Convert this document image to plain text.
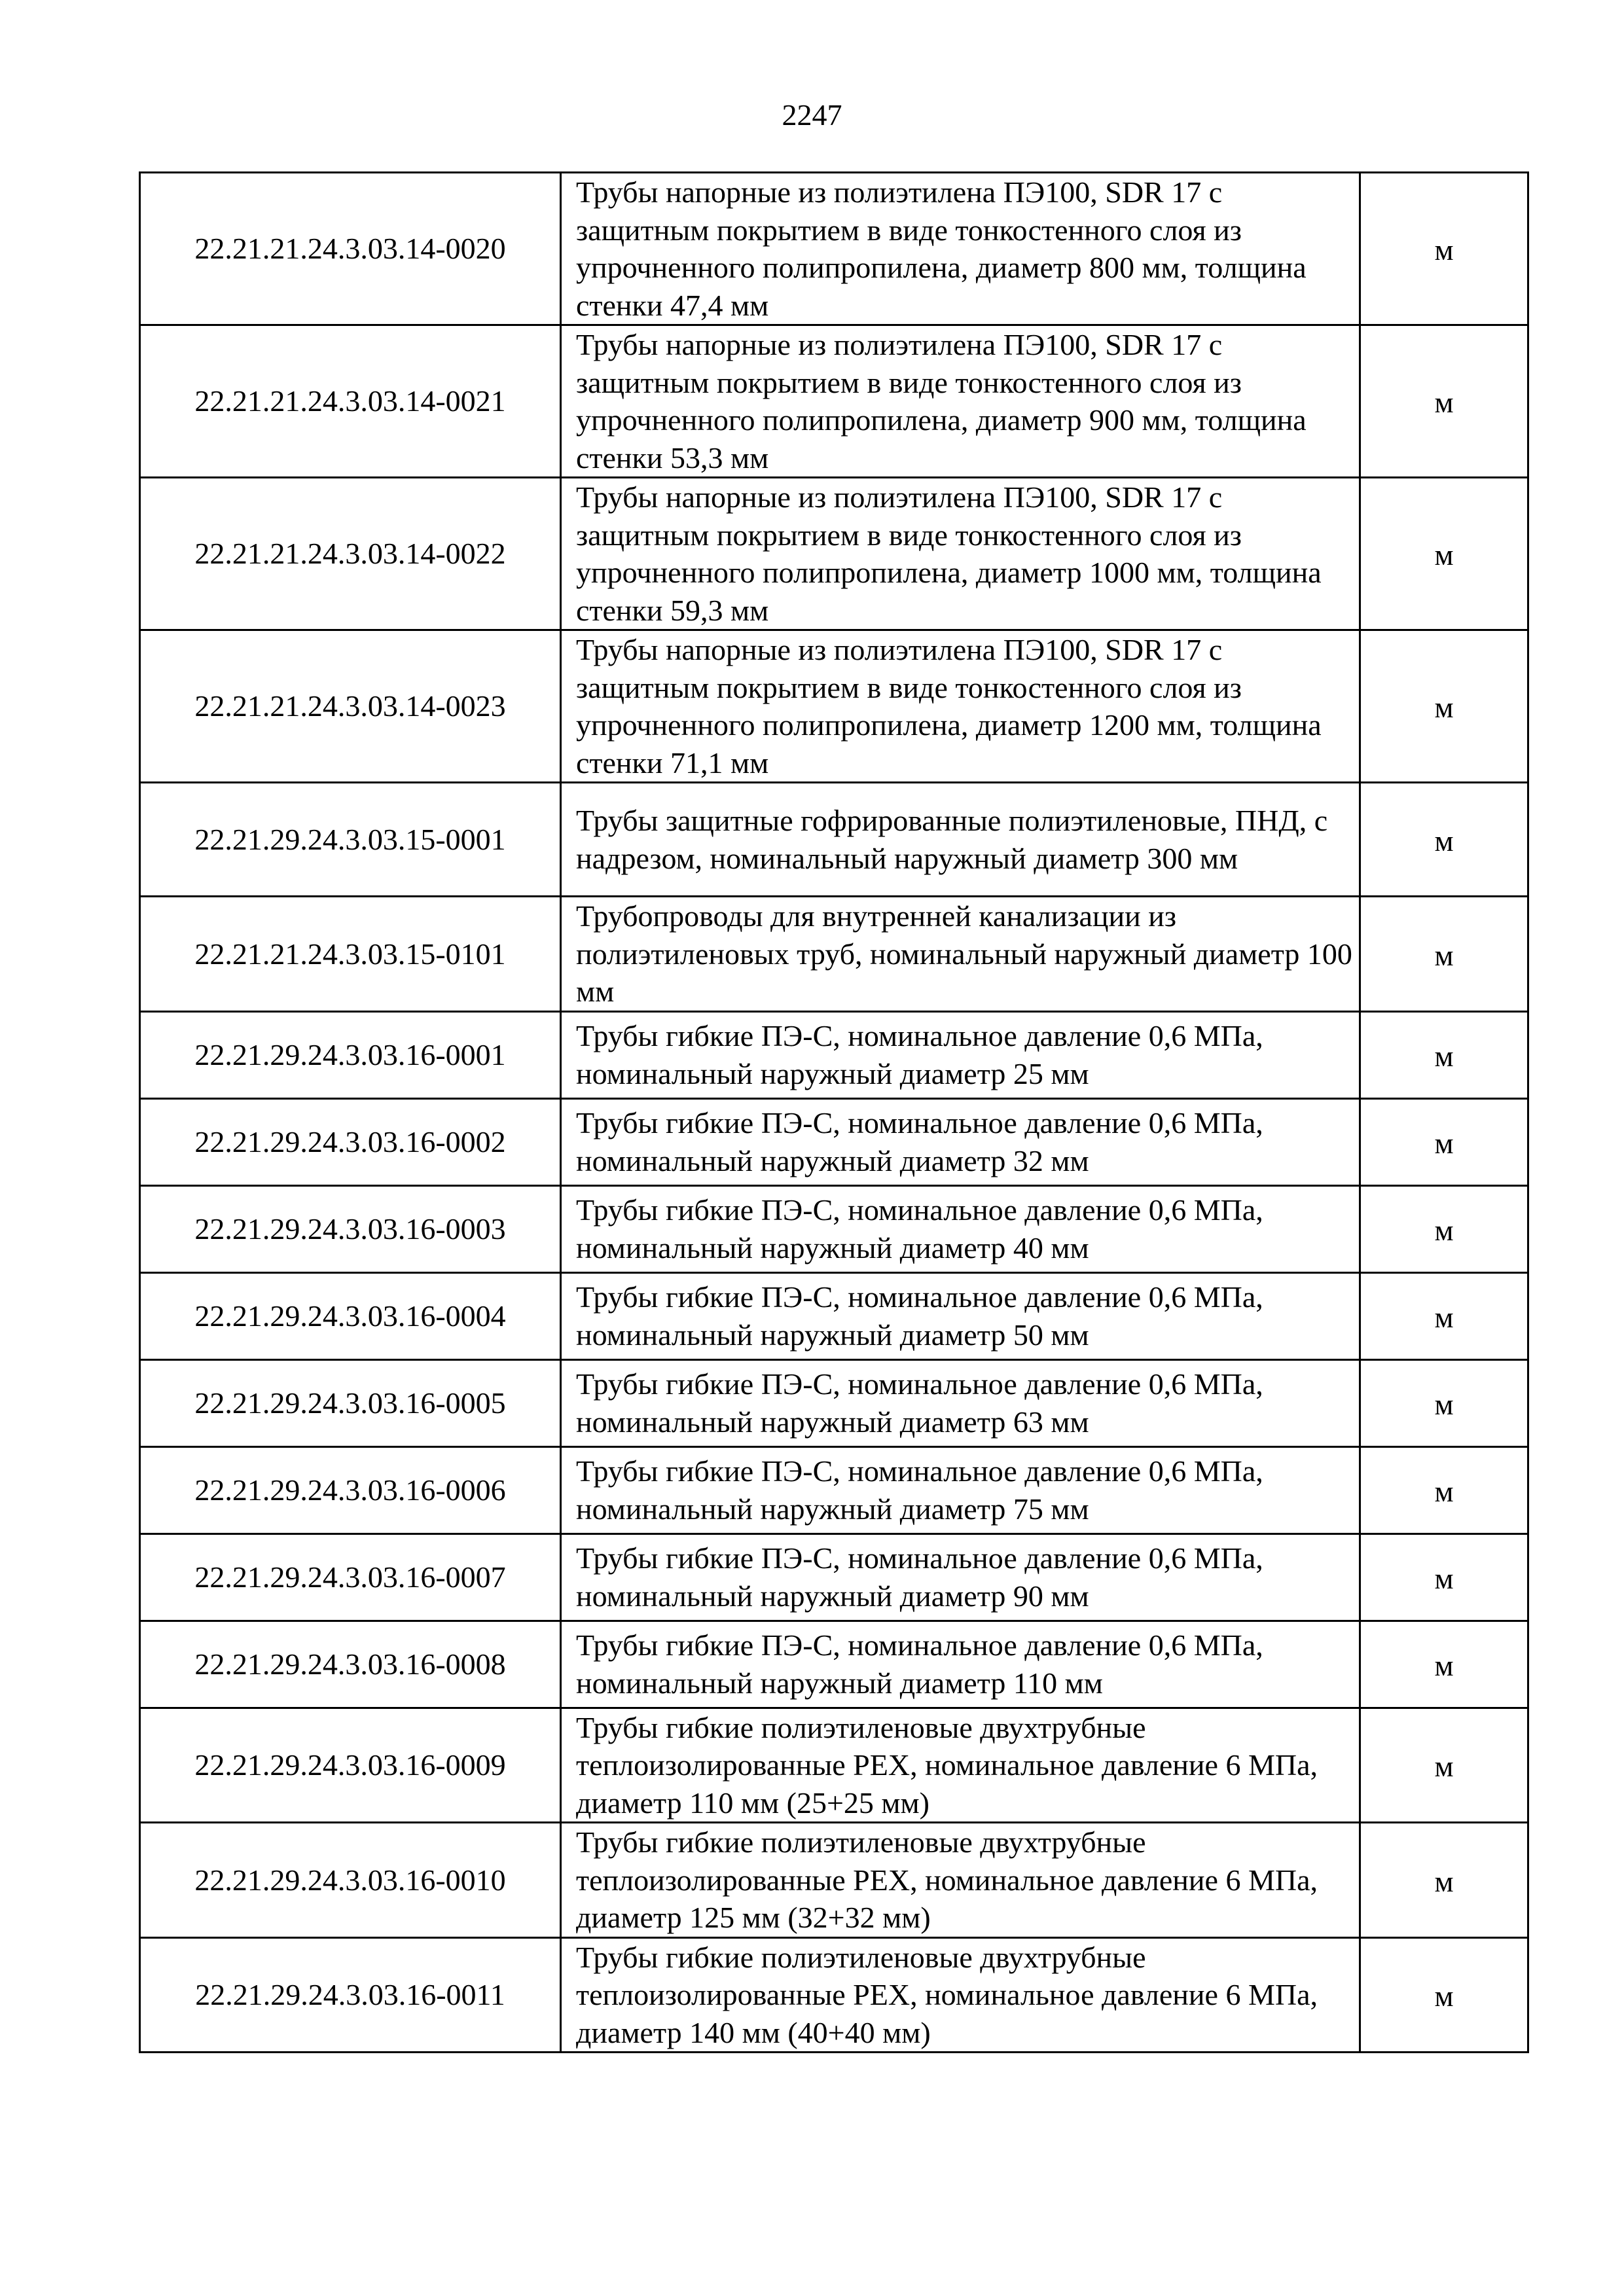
2247
22.21.21.24.3.03.14-0020	Трубы напорные из полиэтилена ПЭ100, SDR 17 с защитным покрытием в виде тонкостенного слоя из упрочненного полипропилена, диаметр 800 мм, толщина стенки 47,4 мм	м
22.21.21.24.3.03.14-0021	Трубы напорные из полиэтилена ПЭ100, SDR 17 с защитным покрытием в виде тонкостенного слоя из упрочненного полипропилена, диаметр 900 мм, толщина стенки 53,3 мм	м
22.21.21.24.3.03.14-0022	Трубы напорные из полиэтилена ПЭ100, SDR 17 с защитным покрытием в виде тонкостенного слоя из упрочненного полипропилена, диаметр 1000 мм, толщина стенки 59,3 мм	м
22.21.21.24.3.03.14-0023	Трубы напорные из полиэтилена ПЭ100, SDR 17 с защитным покрытием в виде тонкостенного слоя из упрочненного полипропилена, диаметр 1200 мм, толщина стенки 71,1 мм	м
22.21.29.24.3.03.15-0001	Трубы защитные гофрированные полиэтиленовые, ПНД, с надрезом, номинальный наружный диаметр 300 мм	м
22.21.21.24.3.03.15-0101	Трубопроводы для внутренней канализации из полиэтиленовых труб, номинальный наружный диаметр 100 мм	м
22.21.29.24.3.03.16-0001	Трубы гибкие ПЭ-С, номинальное давление 0,6 МПа, номинальный наружный диаметр 25 мм	м
22.21.29.24.3.03.16-0002	Трубы гибкие ПЭ-С, номинальное давление 0,6 МПа, номинальный наружный диаметр 32 мм	м
22.21.29.24.3.03.16-0003	Трубы гибкие ПЭ-С, номинальное давление 0,6 МПа, номинальный наружный диаметр 40 мм	м
22.21.29.24.3.03.16-0004	Трубы гибкие ПЭ-С, номинальное давление 0,6 МПа, номинальный наружный диаметр 50 мм	м
22.21.29.24.3.03.16-0005	Трубы гибкие ПЭ-С, номинальное давление 0,6 МПа, номинальный наружный диаметр 63 мм	м
22.21.29.24.3.03.16-0006	Трубы гибкие ПЭ-С, номинальное давление 0,6 МПа, номинальный наружный диаметр 75 мм	м
22.21.29.24.3.03.16-0007	Трубы гибкие ПЭ-С, номинальное давление 0,6 МПа, номинальный наружный диаметр 90 мм	м
22.21.29.24.3.03.16-0008	Трубы гибкие ПЭ-С, номинальное давление 0,6 МПа, номинальный наружный диаметр 110 мм	м
22.21.29.24.3.03.16-0009	Трубы гибкие полиэтиленовые двухтрубные теплоизолированные PEX, номинальное давление 6 МПа, диаметр 110 мм (25+25 мм)	м
22.21.29.24.3.03.16-0010	Трубы гибкие полиэтиленовые двухтрубные теплоизолированные PEX, номинальное давление 6 МПа, диаметр 125 мм (32+32 мм)	м
22.21.29.24.3.03.16-0011	Трубы гибкие полиэтиленовые двухтрубные теплоизолированные PEX, номинальное давление 6 МПа, диаметр 140 мм (40+40 мм)	м
